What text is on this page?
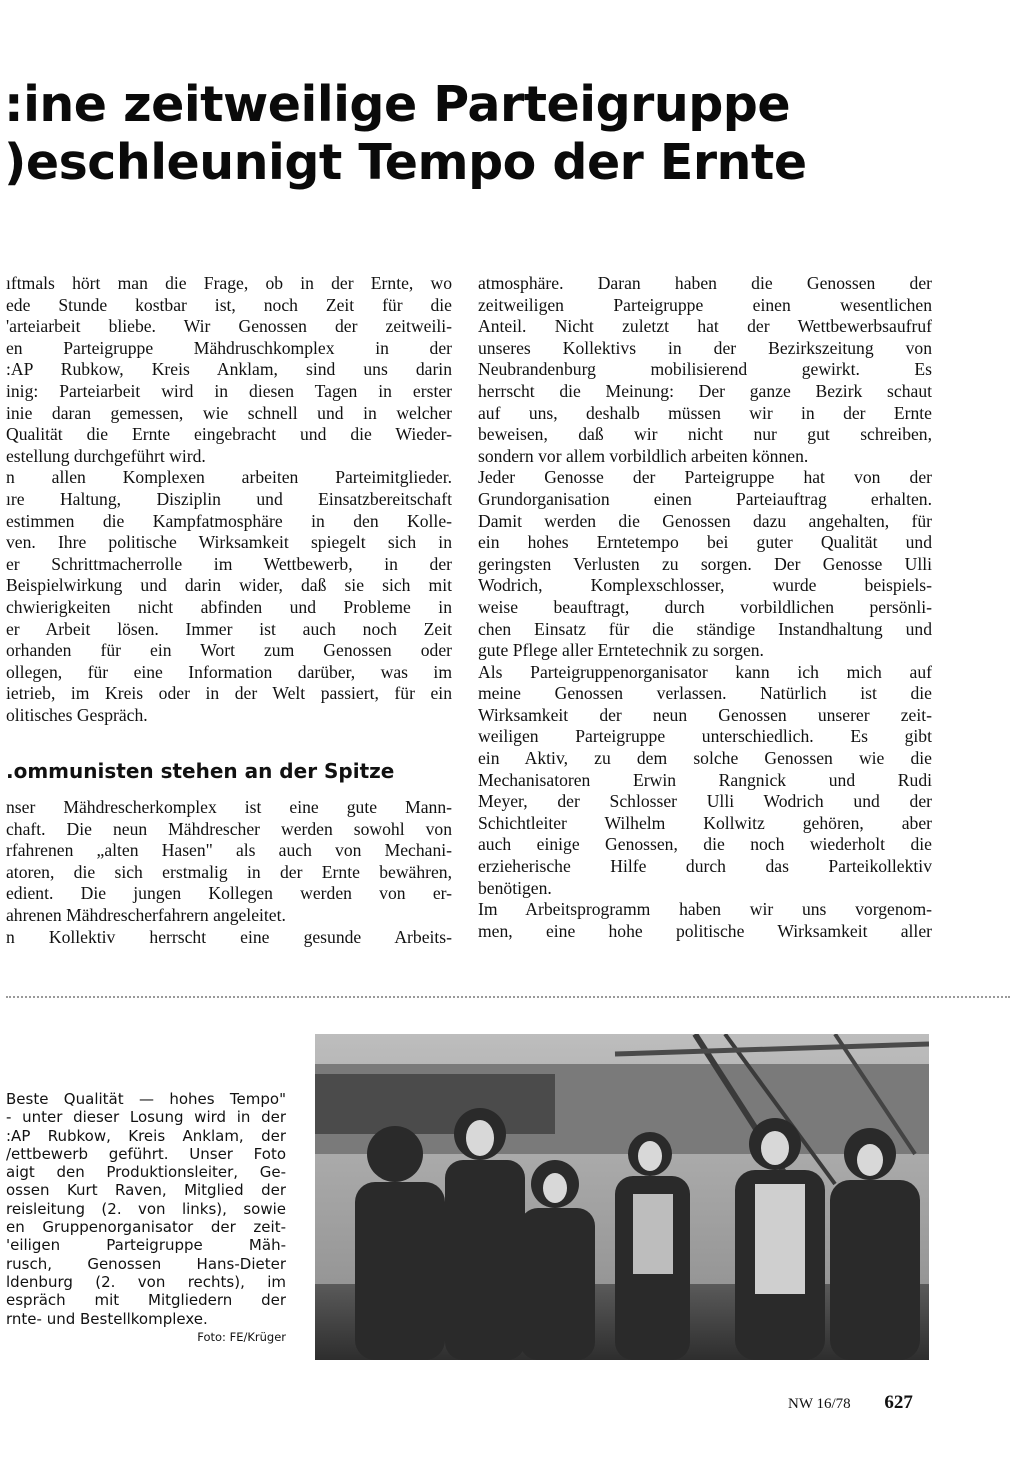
:ine zeitweilige Parteigruppe
)eschleunigt Tempo der Ernte
ıftmals hört man die Frage, ob in der Ernte, wo
ede Stunde kostbar ist, noch Zeit für die
'arteiarbeit bliebe. Wir Genossen der zeitweili-
en Parteigruppe Mähdruschkomplex in der
:AP Rubkow, Kreis Anklam, sind uns darin
inig: Parteiarbeit wird in diesen Tagen in erster
inie daran gemessen, wie schnell und in welcher
Qualität die Ernte eingebracht und die Wieder-
estellung durchgeführt wird.
n allen Komplexen arbeiten Parteimitglieder.
ıre Haltung, Disziplin und Einsatzbereitschaft
estimmen die Kampfatmosphäre in den Kolle-
ven. Ihre politische Wirksamkeit spiegelt sich in
er Schrittmacherrolle im Wettbewerb, in der
Beispielwirkung und darin wider, daß sie sich mit
chwierigkeiten nicht abfinden und Probleme in
er Arbeit lösen. Immer ist auch noch Zeit
orhanden für ein Wort zum Genossen oder
ollegen, für eine Information darüber, was im
ietrieb, im Kreis oder in der Welt passiert, für ein
olitisches Gespräch.
.ommunisten stehen an der Spitze
nser Mähdrescherkomplex ist eine gute Mann-
chaft. Die neun Mähdrescher werden sowohl von
rfahrenen „alten Hasen" als auch von Mechani-
atoren, die sich erstmalig in der Ernte bewähren,
edient. Die jungen Kollegen werden von er-
ahrenen Mähdrescherfahrern angeleitet.
n Kollektiv herrscht eine gesunde Arbeits-
atmosphäre. Daran haben die Genossen der
zeitweiligen Parteigruppe einen wesentlichen
Anteil. Nicht zuletzt hat der Wettbewerbsaufruf
unseres Kollektivs in der Bezirkszeitung von
Neubrandenburg mobilisierend gewirkt. Es
herrscht die Meinung: Der ganze Bezirk schaut
auf uns, deshalb müssen wir in der Ernte
beweisen, daß wir nicht nur gut schreiben,
sondern vor allem vorbildlich arbeiten können.
Jeder Genosse der Parteigruppe hat von der
Grundorganisation einen Parteiauftrag erhalten.
Damit werden die Genossen dazu angehalten, für
ein hohes Erntetempo bei guter Qualität und
geringsten Verlusten zu sorgen. Der Genosse Ulli
Wodrich, Komplexschlosser, wurde beispiels-
weise beauftragt, durch vorbildlichen persönli-
chen Einsatz für die ständige Instandhaltung und
gute Pflege aller Erntetechnik zu sorgen.
Als Parteigruppenorganisator kann ich mich auf
meine Genossen verlassen. Natürlich ist die
Wirksamkeit der neun Genossen unserer zeit-
weiligen Parteigruppe unterschiedlich. Es gibt
ein Aktiv, zu dem solche Genossen wie die
Mechanisatoren Erwin Rangnick und Rudi
Meyer, der Schlosser Ulli Wodrich und der
Schichtleiter Wilhelm Kollwitz gehören, aber
auch einige Genossen, die noch wiederholt die
erzieherische Hilfe durch das Parteikollektiv
benötigen.
Im Arbeitsprogramm haben wir uns vorgenom-
men, eine hohe politische Wirksamkeit aller
Beste Qualität — hohes Tempo"
- unter dieser Losung wird in der
:AP Rubkow, Kreis Anklam, der
/ettbewerb geführt. Unser Foto
aigt den Produktionsleiter, Ge-
ossen Kurt Raven, Mitglied der
reisleitung (2. von links), sowie
en Gruppenorganisator der zeit-
'eiligen Parteigruppe Mäh-
rusch, Genossen Hans-Dieter
ldenburg (2. von rechts), im
espräch mit Mitgliedern der
rnte- und Bestellkomplexe.
Foto: FE/Krüger
NW 16/78 627
